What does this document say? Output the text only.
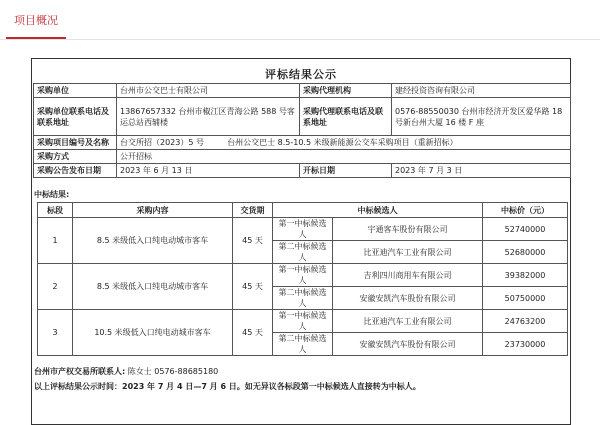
项目概况
评标结果公示
采购单位	台州市公交巴士有限公司	采购代理机构	建经投资咨询有限公司
采购单位联系电话及联系地址	13867657332 台州市椒江区青海公路 588 号客运总站西辅楼	采购代理联系电话及联系地址	0576-88550030 台州市经济开发区爱华路 18 号新台州大厦 16 楼 F 座
采购项目编号及名称	台交所招（2023）5 号 台州公交巴士 8.5-10.5 米级新能源公交车采购项目（重新招标）		
采购方式	公开招标		
采购公告发布日期	2023 年 6 月 13 日	开标日期	2023 年 7 月 3 日
中标结果:
标段	采购内容	交货期	中标候选人		中标价（元）
1	8.5 米级低入口纯电动城市客车	45 天	第一中标候选人	宇通客车股份有限公司	52740000
			第二中标候选人	比亚迪汽车工业有限公司	52680000
2	8.5 米级低入口纯电动城市客车	45 天	第一中标候选人	吉利四川商用车有限公司	39382000
			第二中标候选人	安徽安凯汽车股份有限公司	50750000
3	10.5 米级低入口纯电动城市客车	45 天	第一中标候选人	比亚迪汽车工业有限公司	24763200
			第二中标候选人	安徽安凯汽车股份有限公司	23730000
台州市产权交易所联系人: 陈女士 0576-88685180
以上评标结果公示时间：2023 年 7 月 4 日—7 月 6 日。如无异议各标段第一中标候选人直接转为中标人。
